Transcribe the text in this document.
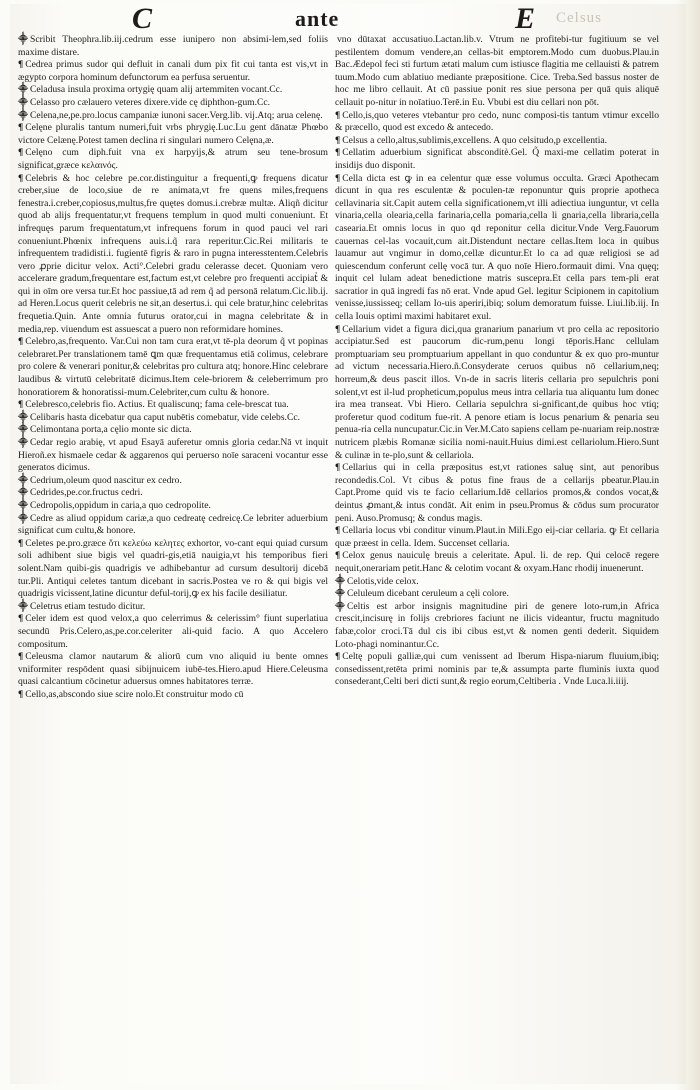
C	ante	E Celsus

⸎ Scribit Theophra.lib.iij.cedrum esse iunipero non absimi‑lem,sed foliis maxime distare.

¶ Cedrea primus sudor qui defluit in canali dum pix fit cui tanta est vis,vt in ægypto corpora hominum defunctorum ea perfusa seruentur.

⸎ Celadusa insula proxima ortygię quam alij artemmiten vocant.Cc.

⸎ Celasso pro cælauero veteres dixere.vide cę diphthon‑gum.Cc.

⸎ Celena,ne,pe.pro.locus campaniæ iunoni sacer.Verg.lib. vij.Atq; arua celenę.

¶ Celęne pluralis tantum numeri,fuit vrbs phrygię.Luc.Lu gent dānatæ Phœbo victore Celænę.Potest tamen declina ri singulari numero Celęna,æ.

¶ Celęno cum diph.fuit vna ex harpyijs,& atrum seu tene‑brosum significat,græce κελαινός.

¶ Celebris & hoc celebre pe.cor.distinguitur a frequenti,ꝙ frequens dicatur creber,siue de loco,siue de re animata,vt fre quens miles,frequens fenestra.i.creber,copiosus,multus,fre quętes domus.i.crebræ multæ. Aliqñ dicitur quod ab alijs frequentatur,vt frequens templum in quod multi conueniunt. Et infrequęs parum frequentatum,vt infrequens forum in quod pauci vel rari conueniunt.Phœnix infrequens auis.i.q̃ rara reperitur.Cic.Rei militaris te infrequentem tradidisti.i. fugientē figris & raro in pugna interesstentem.Celebris vero ꝓprie dicitur velox. Acti°.Celebri gradu celerasse decet. Quoniam vero accelerare gradum,frequentare est,factum est,vt celebre pro frequenti accipiatᷣ & qui in oīm ore versa tur.Et hoc passiue,tā ad rem q̃ ad personā relatum.Cic.lib.ij. ad Heren.Locus querit celebris ne sit,an desertus.i. qui cele bratur,hinc celebritas frequetia.Quin. Ante omnia futurus orator,cui in magna celebritate & in media,rep. viuendum est assuescat a puero non reformidare homines.

¶ Celebro,as,frequento. Var.Cui non tam cura erat,vt tē‑pla deorum q̃ vt popinas celebraret.Per translationem tamē ꝗm quæ frequentamus etiā colimus, celebrare pro colere & venerari ponitur,& celebritas pro cultura atq; honore.Hinc celebrare laudibus & virtutū celebritatē dicimus.Item cele‑briorem & celeberrimum pro honoratiorem & honoratissi‑mum.Celebriter,cum cultu & honore.

¶ Celebresco,celebris fio. Actius. Et qualiscunq; fama cele‑brescat tua.

⸎ Celibaris hasta dicebatur qua caput nubētis comebatur, vide celebs.Cc.

⸎ Celimontana porta,a cęlio monte sic dicta.

⸎ Cedar regio arabię, vt apud Esayā auferetur omnis gloria cedar.Nā vt inquit Hieroñ.ex hismaele cedar & aggarenos qui peruerso noīe saraceni vocantur esse generatos dicimus.

⸎ Cedrium,oleum quod nascitur ex cedro.

⸎ Cedrides,pe.cor.fructus cedri.

⸎ Cedropolis,oppidum in caria,a quo cedropolite.

⸎ Cedre as aliud oppidum cariæ,a quo cedreatę cedreicę.Ce lebriter aduerbium significat cum cultu,& honore.

¶ Celetes pe.pro.græce ὄτι κελεύω κελητες exhortor, vo‑cant equi quiad cursum soli adhibent siue bigis vel quadri‑gis,etiā nauigia,vt his temporibus fieri solent.Nam quibi‑gis quadrigis ve adhibebantur ad cursum desultorij dicebā tur.Pli. Antiqui celetes tantum dicebant in sacris.Postea ve ro & qui bigis vel quadrigis vicissent,latine dicuntur deful‑torij,ꝙ ex his facile desiliatur.

⸎ Celetrus etiam testudo dicitur.

¶ Celer idem est quod velox,a quo celerrimus & celerissim° fiunt superlatiua secundū Pris.Celero,as,pe.cor.celeriter ali‑quid facio. A quo Accelero compositum.

¶ Celeusma clamor nautarum & aliorū cum vno aliquid iu bente omnes vniformiter respōdent quasi sibijnuicem iubē‑tes.Hiero.apud Hiere.Celeusma quasi calcantium cōcinetur aduersus omnes habitatores terræ.

¶ Cello,as,abscondo siue scire nolo.Et construitur modo cū

vno dūtaxat accusatiuo.Lactan.lib.v. Vtrum ne profitebi‑tur fugitiuum se vel pestilentem domum vendere,an cellas‑bit emptorem.Modo cum duobus.Plau.in Bac.Ædepol feci sti furtum ætati malum cum istiusce flagitia me cellauisti & patrem tuum.Modo cum ablatiuo mediante præpositione. Cice. Treba.Sed bassus noster de hoc me libro cellauit. At cū passiue ponit res siue persona per quā quis aliquē cellauit po‑nitur in noīatiuo.Terē.in Eu. Vbubi est diu cellari non pōt.

¶ Cello,is,quo veteres vtebantur pro cedo, nunc composi‑tis tantum vtimur excello & præcello, quod est excedo & antecedo.

¶ Celsus a cello,altus,sublimis,excellens. A quo celsitudo,p excellentia.

¶ Cellatim aduerbium significat absconditè.Gel. Q̃ maxi‑me cellatim poterat in insidijs duo disponit.

¶ Cella dicta est ꝙ in ea celentur quæ esse volumus occulta. Græci Apothecam dicunt in qua res esculentæ & poculen‑tæ reponuntur ꝗuis proprie apotheca cellavinaria sit.Capit autem cella significationem,vt illi adiectiua iunguntur, vt cella vinaria,cella olearia,cella farinaria,cella pomaria,cella li gnaria,cella libraria,cella casearia.Et omnis locus in quo qd reponitur cella dicitur.Vnde Verg.Fauorum cauernas cel‑las vocauit,cum ait.Distendunt nectare cellas.Item loca in quibus lauamur aut vngimur in domo,cellæ dicuntur.Et lo ca ad quæ religiosi se ad quiescendum conferunt cellę vocā tur. A quo noīe Hiero.formauit dimi. Vna quęq; inquit cel lulam adeat benedictione matris suscepra.Et cella pars tem‑pli erat sacratior in quā ingredi fas nō erat. Vnde apud Gel. legitur Scipionem in capitolium venisse,iussisseq; cellam Io‑uis aperiri,ibiq; solum demoratum fuisse. Liui.lib.iij. In cella Iouis optimi maximi habitaret exul.

¶ Cellarium videt a figura dici,qua granarium panarium vt pro cella ac repositorio accipiatur.Sed est paucorum dic‑rum,penu longi tēporis.Hanc cellulam promptuariam seu promptuarium appellant in quo conduntur & ex quo pro‑muntur ad victum necessaria.Hiero.ñ.Consyderate ceruos quibus nō cellarium,neq; horreum,& deus pascit illos. Vn‑de in sacris literis cellaria pro sepulchris poni solent,vt est il‑lud propheticum,populus meus intra cellaria tua aliquantu lum donec ira mea transeat. Vbi Hiero. Cellaria sepulchra si‑gnificant,de quibus hoc vtiq; proferetur quod coditum fue‑rit. A penore etiam is locus penarium & penaria seu penua‑ria cella nuncupatur.Cic.in Ver.M.Cato sapiens cellam pe‑nuariam reip.nostræ nutricem plæbis Romanæ sicilia nomi‑nauit.Huius dimi.est cellariolum.Hiero.Sunt & culinæ in te‑plo,sunt & cellariola.

¶ Cellarius qui in cella præpositus est,vt rationes saluę sint, aut penoribus recondedis.Col. Vt cibus & potus fine fraus de a cellarijs pbeatur.Plau.in Capt.Prome quid vis te facio cellarium.Idē cellarios promos,& condos vocat,& deintus ꝓmant,& intus condāt. Ait enim in pseu.Promus & cōdus sum procurator peni. Auso.Promusq; & condus magis.

¶ Cellaria locus vbi conditur vinum.Plaut.in Mili.Ego eij‑ciar cellaria. ꝙ Et cellaria quæ præest in cella. Idem. Succenset cellaria.

¶ Celox genus nauiculę breuis a celeritate. Apul. li. de rep. Qui celocē regere nequit,onerariam petit.Hanc & celotim vocant & oxyam.Hanc rhodij inuenerunt.

⸎ Celotis,vide celox.

⸎ Celuleum dicebant ceruleum a cęli colore.

⸎ Celtis est arbor insignis magnitudine piri de genere loto‑rum,in Africa crescit,incisurę in folijs crebriores faciunt ne ilicis videantur, fructu magnitudo fabæ,color croci.Tā dul cis ibi cibus est,vt & nomen genti dederit. Siquidem Loto‑phagi nominantur.Cc.

¶ Celtę populi galliæ,qui cum venissent ad Iberum Hispa‑niarum fluuium,ibiq; consedissent,retēta primi nominis par te,& assumpta parte fluminis iuxta quod consederant,Celti beri dicti sunt,& regio eorum,Celtiberia . Vnde Luca.li.iiij.
